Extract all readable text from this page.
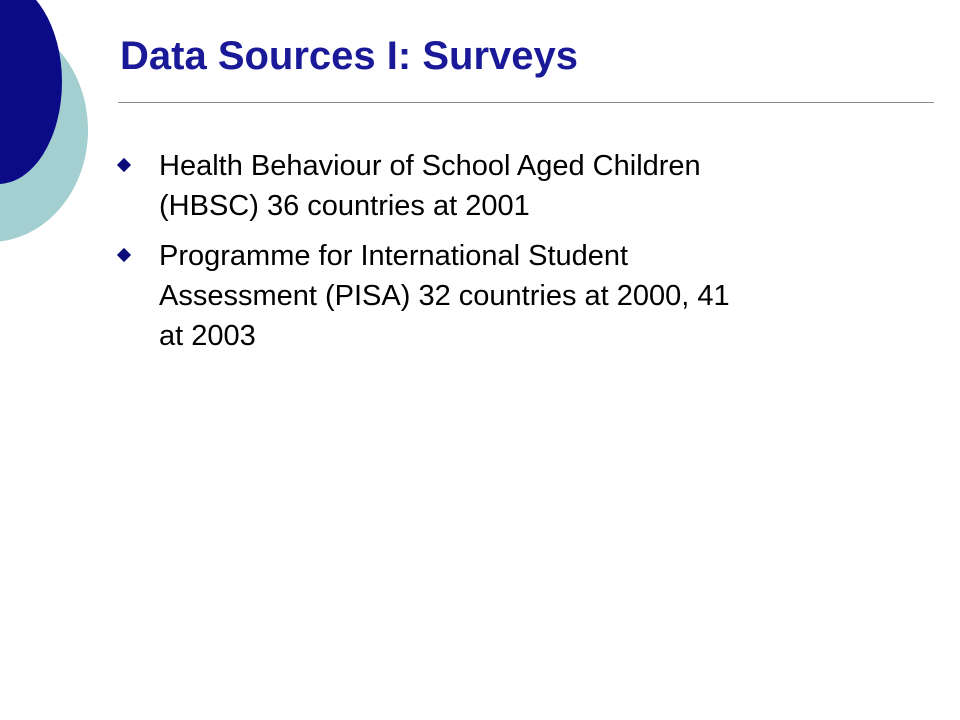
Data Sources I: Surveys
Health Behaviour of School Aged Children
(HBSC) 36 countries at 2001
Programme for International Student
Assessment (PISA) 32 countries at 2000, 41
at 2003
